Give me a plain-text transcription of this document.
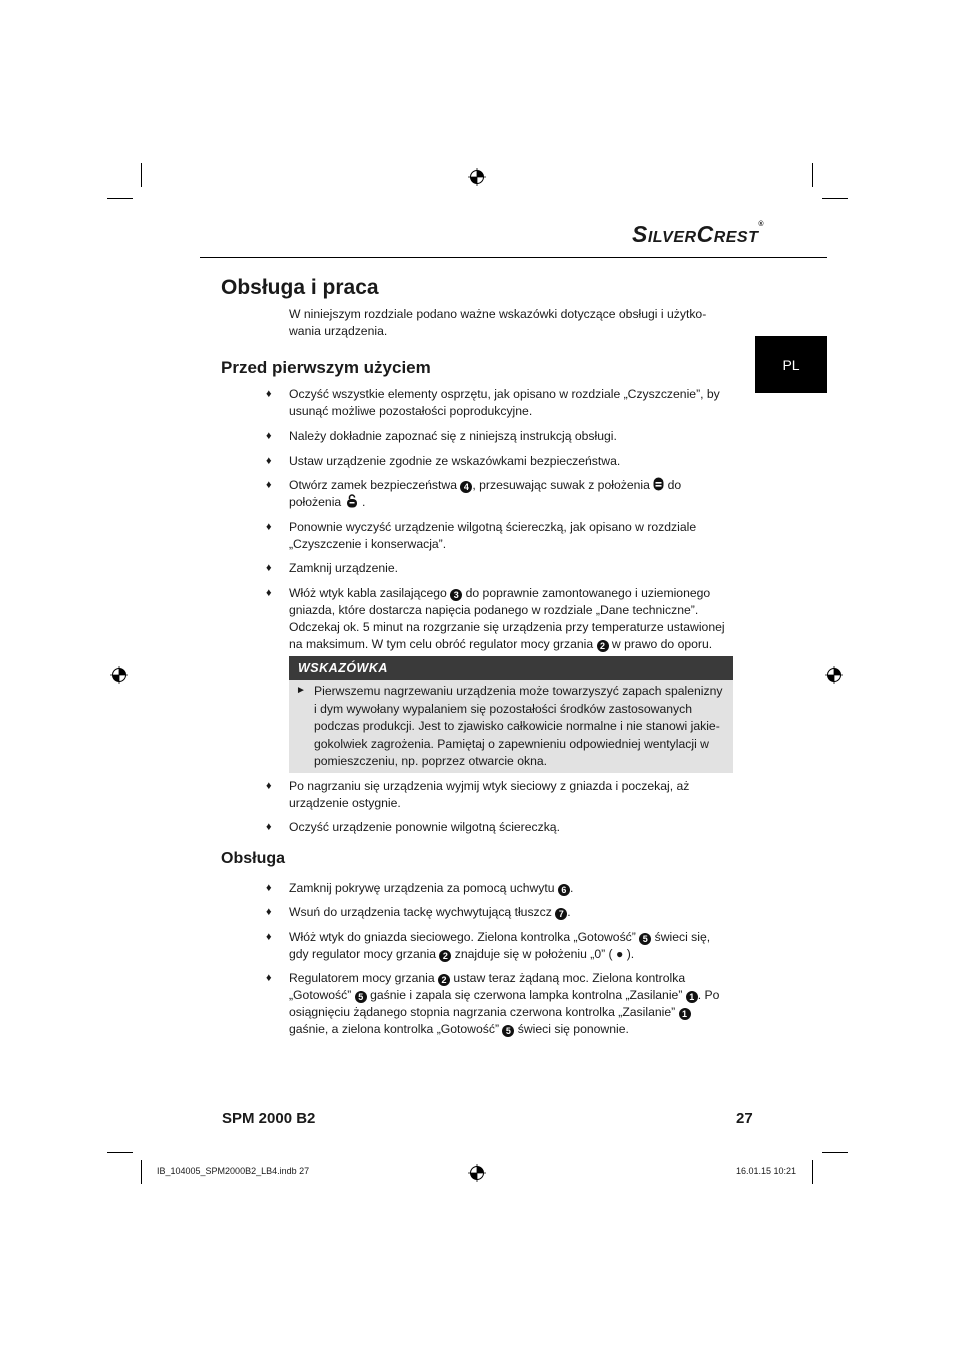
SILVERCREST®
Obsługa i praca

W niniejszym rozdziale podano ważne wskazówki dotyczące obsługi i użytkowania urządzenia.

PL
Przed pierwszym użyciem
♦ Oczyść wszystkie elementy osprzętu, jak opisano w rozdziale „Czyszczenie”, by usunąć możliwe pozostałości poprodukcyjne.
♦ Należy dokładnie zapoznać się z niniejszą instrukcją obsługi.
♦ Ustaw urządzenie zgodnie ze wskazówkami bezpieczeństwa.
♦ Otwórz zamek bezpieczeństwa 4 , przesuwając suwak z położenia  do położenia  .
♦ Ponownie wyczyść urządzenie wilgotną ściereczką, jak opisano w rozdziale „Czyszczenie i konserwacja”.
♦ Zamknij urządzenie.
♦ Włóż wtyk kabla zasilającego 3 do poprawnie zamontowanego i uziemionego gniazda, które dostarcza napięcia podanego w rozdziale „Dane techniczne”. Odczekaj ok. 5 minut na rozgrzanie się urządzenia przy temperaturze ustawionej na maksimum. W tym celu obróć regulator mocy grzania 2 w prawo do oporu.
WSKAZÓWKA
► Pierwszemu nagrzewaniu urządzenia może towarzyszyć zapach spalenizny i dym wywołany wypalaniem się pozostałości środków zastosowanych podczas produkcji. Jest to zjawisko całkowicie normalne i nie stanowi jakiegokolwiek zagrożenia. Pamiętaj o zapewnieniu odpowiedniej wentylacji w pomieszczeniu, np. poprzez otwarcie okna.
♦ Po nagrzaniu się urządzenia wyjmij wtyk sieciowy z gniazda i poczekaj, aż urządzenie ostygnie.
♦ Oczyść urządzenie ponownie wilgotną ściereczką.
Obsługa
♦ Zamknij pokrywę urządzenia za pomocą uchwytu 6 .
♦ Wsuń do urządzenia tackę wychwytującą tłuszcz 7 .
♦ Włóż wtyk do gniazda sieciowego. Zielona kontrolka „Gotowość” 5 świeci się, gdy regulator mocy grzania 2 znajduje się w położeniu „0” ( ● ).
♦ Regulatorem mocy grzania 2 ustaw teraz żądaną moc. Zielona kontrolka „Gotowość” 5 gaśnie i zapala się czerwona lampka kontrolna „Zasilanie” 1 . Po osiągnięciu żądanego stopnia nagrzania czerwona kontrolka „Zasilanie” 1 gaśnie, a zielona kontrolka „Gotowość” 5 świeci się ponownie.
SPM 2000 B2	27
IB_104005_SPM2000B2_LB4.indb 27	16.01.15 10:21
